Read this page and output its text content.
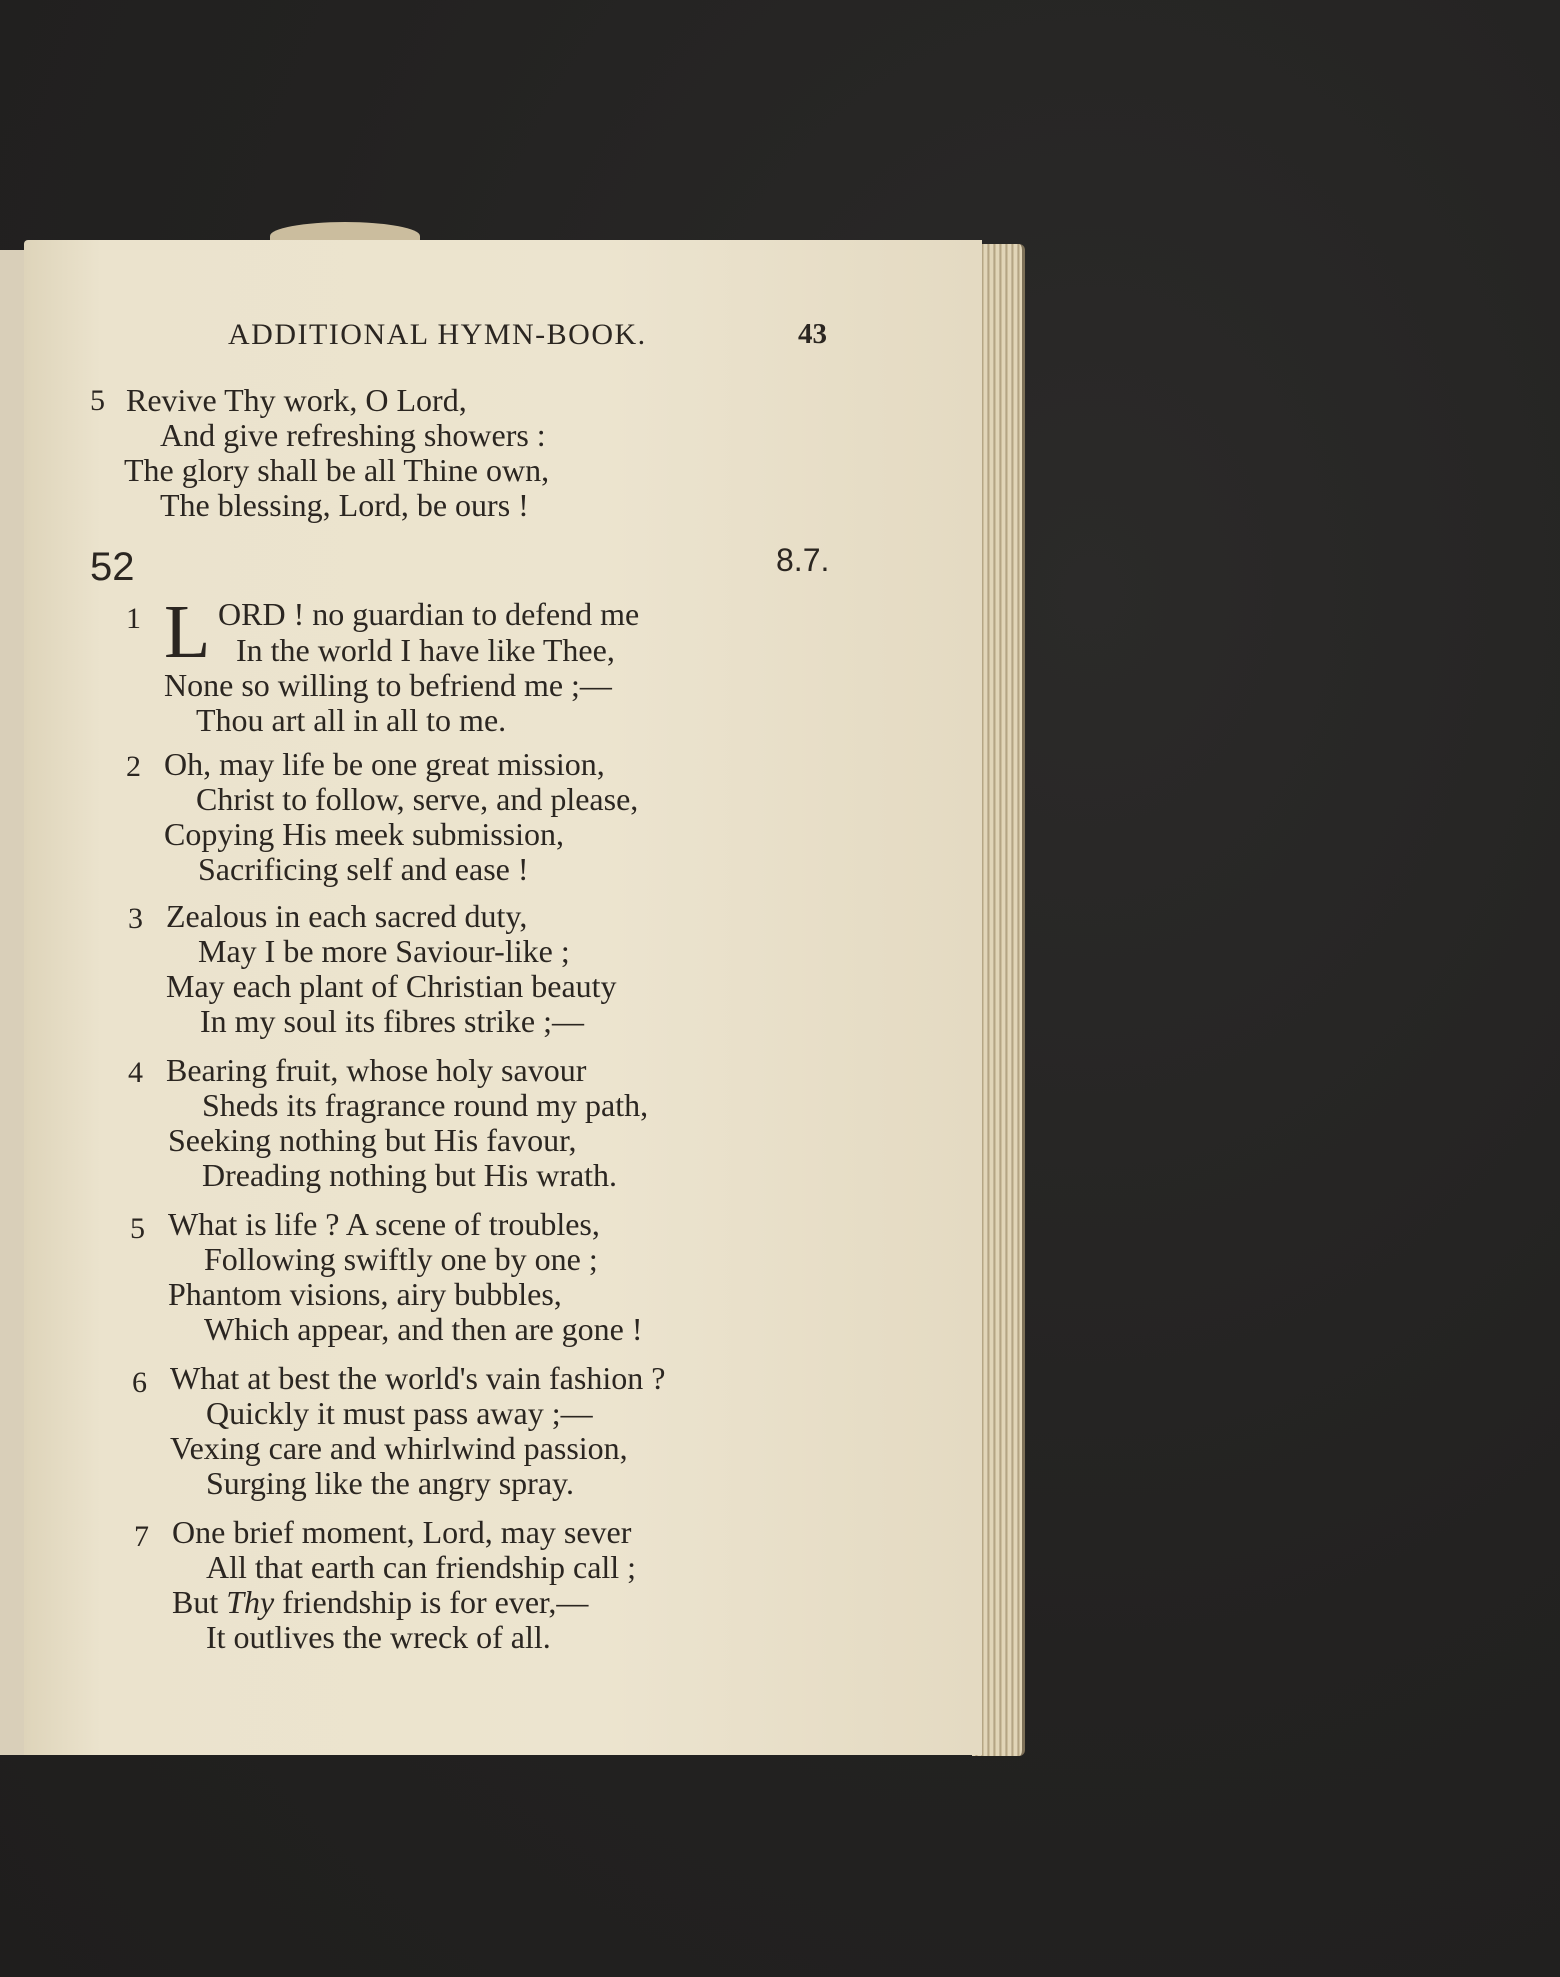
ADDITIONAL HYMN-BOOK.	43
5 Revive Thy work, O Lord,
And give refreshing showers :
The glory shall be all Thine own,
The blessing, Lord, be ours !
52	8.7.
1 L ORD ! no guardian to defend me
In the world I have like Thee,
None so willing to befriend me ;—
Thou art all in all to me.
2 Oh, may life be one great mission,
Christ to follow, serve, and please,
Copying His meek submission,
Sacrificing self and ease !
3 Zealous in each sacred duty,
May I be more Saviour-like ;
May each plant of Christian beauty
In my soul its fibres strike ;—
4 Bearing fruit, whose holy savour
Sheds its fragrance round my path,
Seeking nothing but His favour,
Dreading nothing but His wrath.
5 What is life ? A scene of troubles,
Following swiftly one by one ;
Phantom visions, airy bubbles,
Which appear, and then are gone !
6 What at best the world's vain fashion ?
Quickly it must pass away ;—
Vexing care and whirlwind passion,
Surging like the angry spray.
7 One brief moment, Lord, may sever
All that earth can friendship call ;
But Thy friendship is for ever,—
It outlives the wreck of all.
